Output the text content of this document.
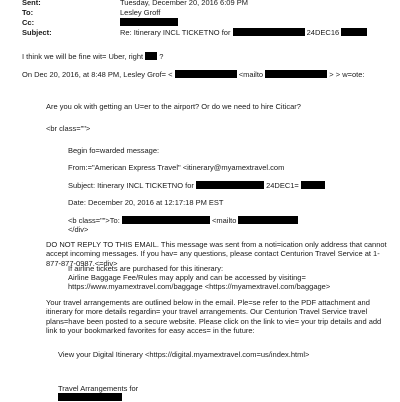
Sent:	Tuesday, December 20, 2016 6:09 PM
To:	Lesley Groff
Cc:
Subject:	Re: Itinerary INCL TICKETNO for	24DEC16
I think we will be fine wit= Uber, right ?
On Dec 20, 2016, at 8:48 PM, Lesley Grof= <	<mailto	> > w=ote:
Are you ok with getting an U=er to the airport? Or do we need to hire Citicar?
<br class="">
Begin fo=warded message:
From:="American Express Travel" <itinerary@myamextravel.com
Subject: Itinerary INCL TICKETNO for	24DEC1=
Date: December 20, 2016 at 12:17:18 PM EST
<b class="">To:	<mailto
</div>
DO NOT REPLY TO THIS EMAIL. This message was sent from a noti=ication only address that cannot accept incoming messages. If you hav= any questions, please contact Centurion Travel Service at 1-877-877-0987.<=div>
If airline tickets are purchased for this itinerary:
Airline Baggage Fee/Rules may apply and can be accessed by visiting=
https://www.myamextravel.com/baggage <https://myamextravel.com/baggage>
Your travel arrangements are outlined below in the email. Ple=se refer to the PDF attachment and itinerary for more details regardin= your travel arrangements. Our Centurion Travel Service travel plans=have been posted to a secure website. Please click on the link to vie= your trip details and add link to your bookmarked favorites for easy acces= in the future:
View your Digital Itinerary <https://digital.myamextravel.com=us/index.html>
Travel Arrangements for
